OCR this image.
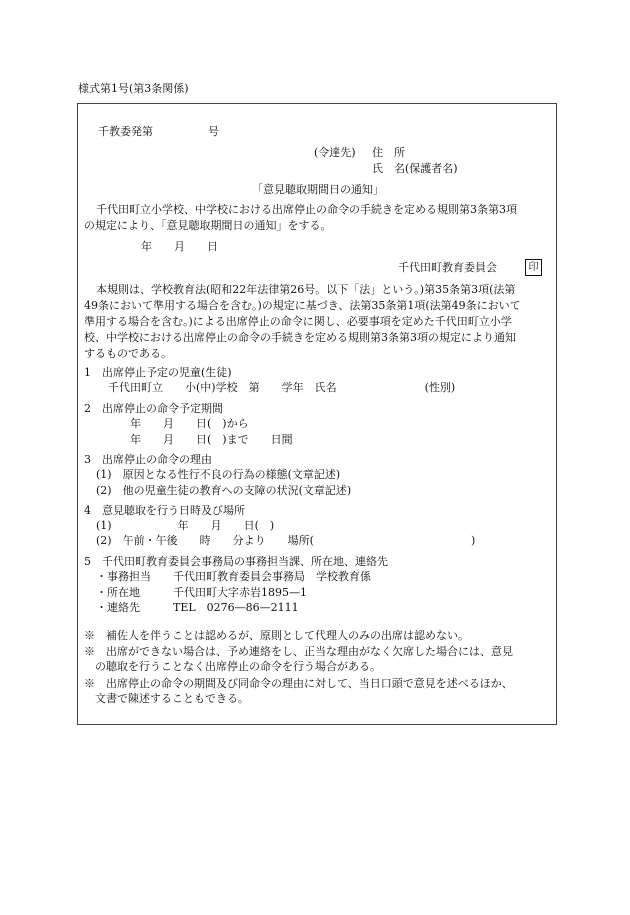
様式第1号(第3条関係)
千教委発第　　　　　号
(令達先) 住　所
氏　名(保護者名)
「意見聴取期間日の通知」
千代田町立小学校、中学校における出席停止の命令の手続きを定める規則第3条第3項
の規定により、「意見聴取期間日の通知」をする。
年　　月　　日
千代田町教育委員会	印
本規則は、学校教育法(昭和22年法律第26号。以下「法」という。)第35条第3項(法第
49条において準用する場合を含む。)の規定に基づき、法第35条第1項(法第49条において
準用する場合を含む。)による出席停止の命令に関し、必要事項を定めた千代田町立小学
校、中学校における出席停止の命令の手続きを定める規則第3条第3項の規定により通知
するものである。
1　出席停止予定の児童(生徒)
千代田町立　　小(中)学校　第　　学年　氏名　　　　　　　　(性別)
2　出席停止の命令予定期間
年　　月　　日(　)から
年　　月　　日(　)まで　　日間
3　出席停止の命令の理由
(1)　原因となる性行不良の行為の様態(文章記述)
(2)　他の児童生徒の教育への支障の状況(文章記述)
4　意見聴取を行う日時及び場所
(1)　　　　　　年　　月　　日(　)
(2)　午前・午後　　時　　分より　　場所(	)
5　千代田町教育委員会事務局の事務担当課、所在地、連絡先
・事務担当　　千代田町教育委員会事務局　学校教育係
・所在地　　　千代田町大字赤岩1895—1
・連絡先　　　TEL　0276—86—2111
※　補佐人を伴うことは認めるが、原則として代理人のみの出席は認めない。
※　出席ができない場合は、予め連絡をし、正当な理由がなく欠席した場合には、意見
　の聴取を行うことなく出席停止の命令を行う場合がある。
※　出席停止の命令の期間及び同命令の理由に対して、当日口頭で意見を述べるほか、
　文書で陳述することもできる。
